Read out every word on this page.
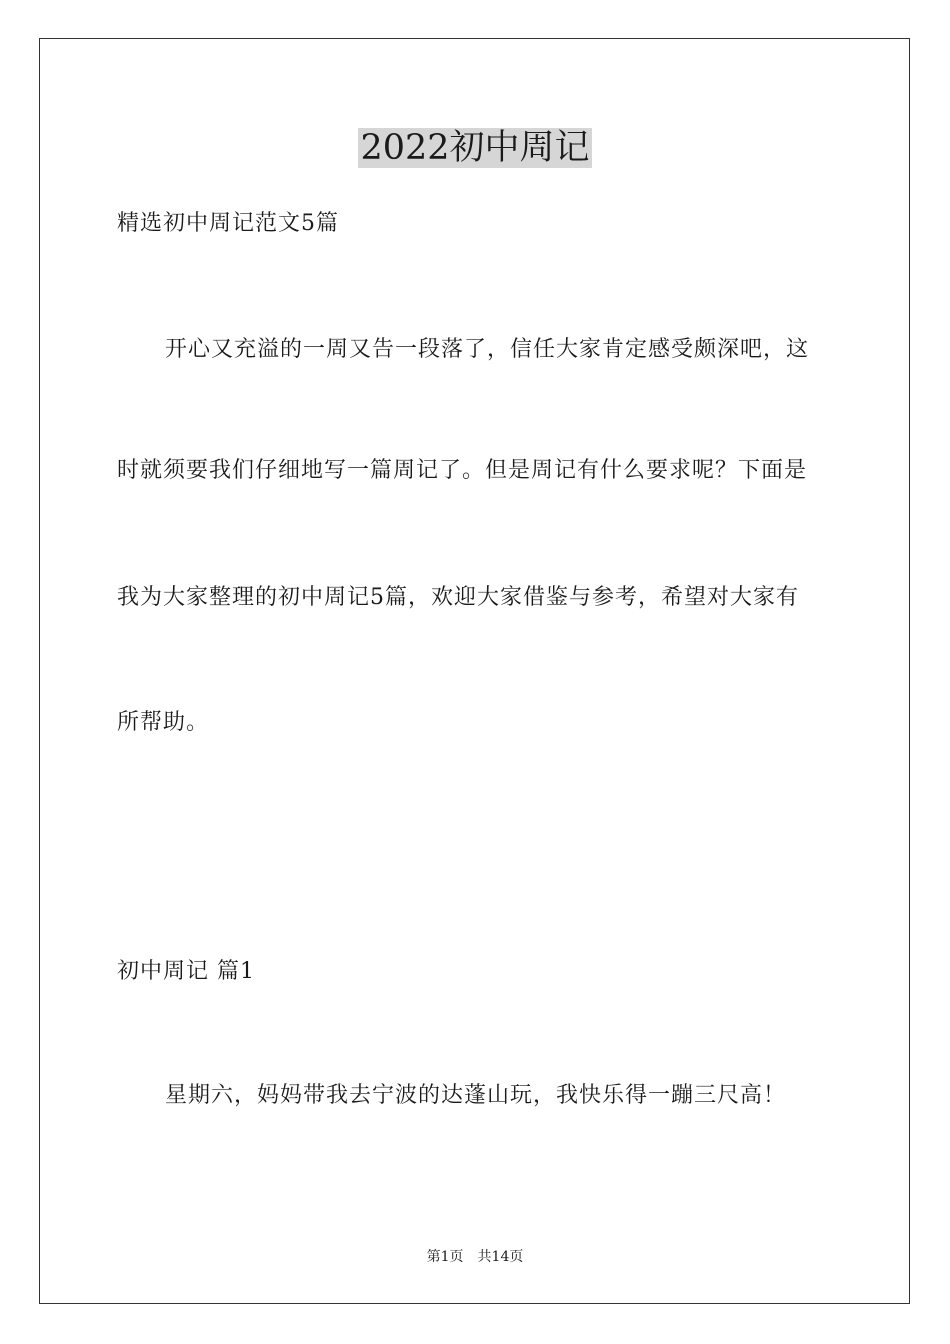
2022初中周记

精选初中周记范文5篇

开心又充溢的一周又告一段落了，信任大家肯定感受颇深吧，这

时就须要我们仔细地写一篇周记了。但是周记有什么要求呢？下面是

我为大家整理的初中周记5篇，欢迎大家借鉴与参考，希望对大家有

所帮助。

初中周记 篇1

星期六，妈妈带我去宁波的达蓬山玩，我快乐得一蹦三尺高！

第1页 共14页
